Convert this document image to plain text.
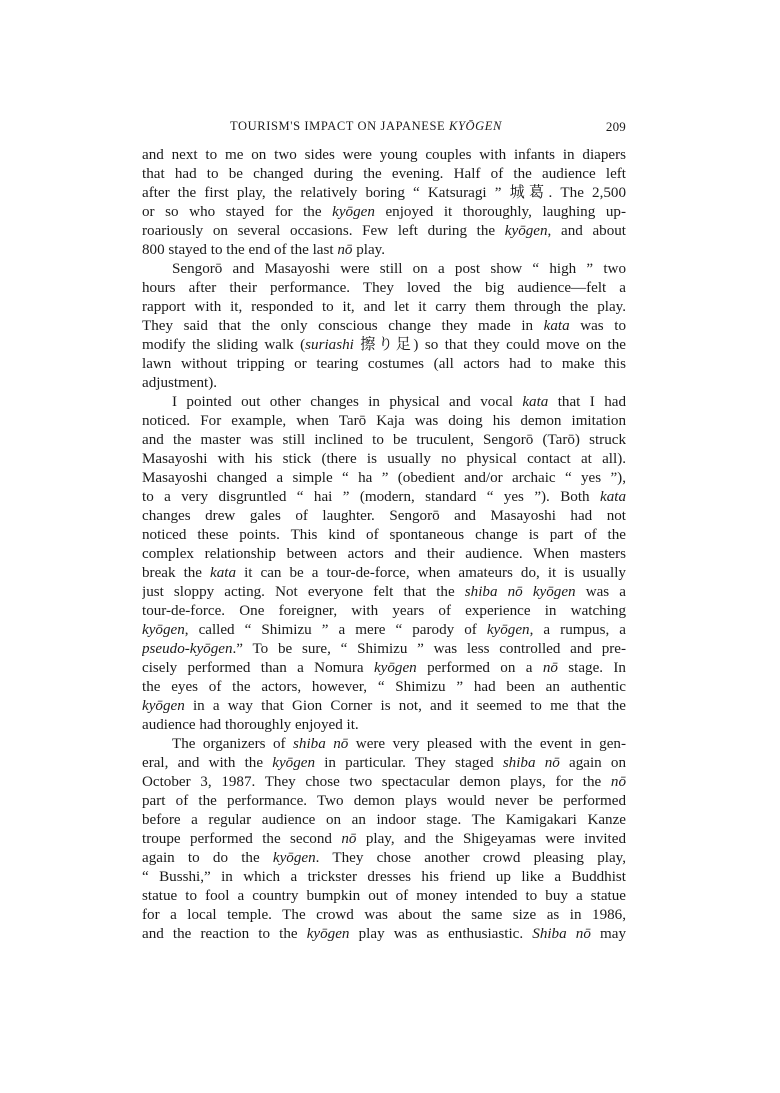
TOURISM'S IMPACT ON JAPANESE KYŌGEN	209
and next to me on two sides were young couples with infants in diapers
that had to be changed during the evening. Half of the audience left
after the first play, the relatively boring “ Katsuragi ” 城葛. The 2,500
or so who stayed for the kyōgen enjoyed it thoroughly, laughing up-
roariously on several occasions. Few left during the kyōgen, and about
800 stayed to the end of the last nō play.
Sengorō and Masayoshi were still on a post show “ high ” two
hours after their performance. They loved the big audience—felt a
rapport with it, responded to it, and let it carry them through the play.
They said that the only conscious change they made in kata was to
modify the sliding walk (suriashi 擦り足) so that they could move on the
lawn without tripping or tearing costumes (all actors had to make this
adjustment).
I pointed out other changes in physical and vocal kata that I had
noticed. For example, when Tarō Kaja was doing his demon imitation
and the master was still inclined to be truculent, Sengorō (Tarō) struck
Masayoshi with his stick (there is usually no physical contact at all).
Masayoshi changed a simple “ ha ” (obedient and/or archaic “ yes ”),
to a very disgruntled “ hai ” (modern, standard “ yes ”). Both kata
changes drew gales of laughter. Sengorō and Masayoshi had not
noticed these points. This kind of spontaneous change is part of the
complex relationship between actors and their audience. When masters
break the kata it can be a tour-de-force, when amateurs do, it is usually
just sloppy acting. Not everyone felt that the shiba nō kyōgen was a
tour-de-force. One foreigner, with years of experience in watching
kyōgen, called “ Shimizu ” a mere “ parody of kyōgen, a rumpus, a
pseudo-kyōgen.” To be sure, “ Shimizu ” was less controlled and pre-
cisely performed than a Nomura kyōgen performed on a nō stage. In
the eyes of the actors, however, “ Shimizu ” had been an authentic
kyōgen in a way that Gion Corner is not, and it seemed to me that the
audience had thoroughly enjoyed it.
The organizers of shiba nō were very pleased with the event in gen-
eral, and with the kyōgen in particular. They staged shiba nō again on
October 3, 1987. They chose two spectacular demon plays, for the nō
part of the performance. Two demon plays would never be performed
before a regular audience on an indoor stage. The Kamigakari Kanze
troupe performed the second nō play, and the Shigeyamas were invited
again to do the kyōgen. They chose another crowd pleasing play,
“ Busshi,” in which a trickster dresses his friend up like a Buddhist
statue to fool a country bumpkin out of money intended to buy a statue
for a local temple. The crowd was about the same size as in 1986,
and the reaction to the kyōgen play was as enthusiastic. Shiba nō may
